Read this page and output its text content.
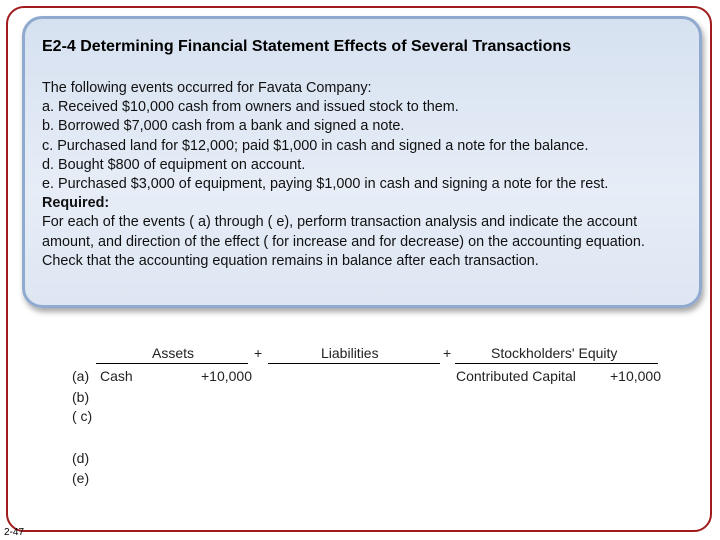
E2-4 Determining Financial Statement Effects of Several Transactions
The following events occurred for Favata Company:
a. Received $10,000 cash from owners and issued stock to them.
b. Borrowed $7,000 cash from a bank and signed a note.
c. Purchased land for $12,000; paid $1,000 in cash and signed a note for the balance.
d. Bought $800 of equipment on account.
e. Purchased $3,000 of equipment, paying $1,000 in cash and signing a note for the rest.
Required:
For each of the events ( a) through ( e), perform transaction analysis and indicate the account amount, and direction of the effect ( for increase and for decrease) on the accounting equation. Check that the accounting equation remains in balance after each transaction.
Assets	+	Liabilities	+	Stockholders' Equity
(a) Cash	+10,000	Contributed Capital +10,000
(b)
( c)
(d)
(e)
2-47
